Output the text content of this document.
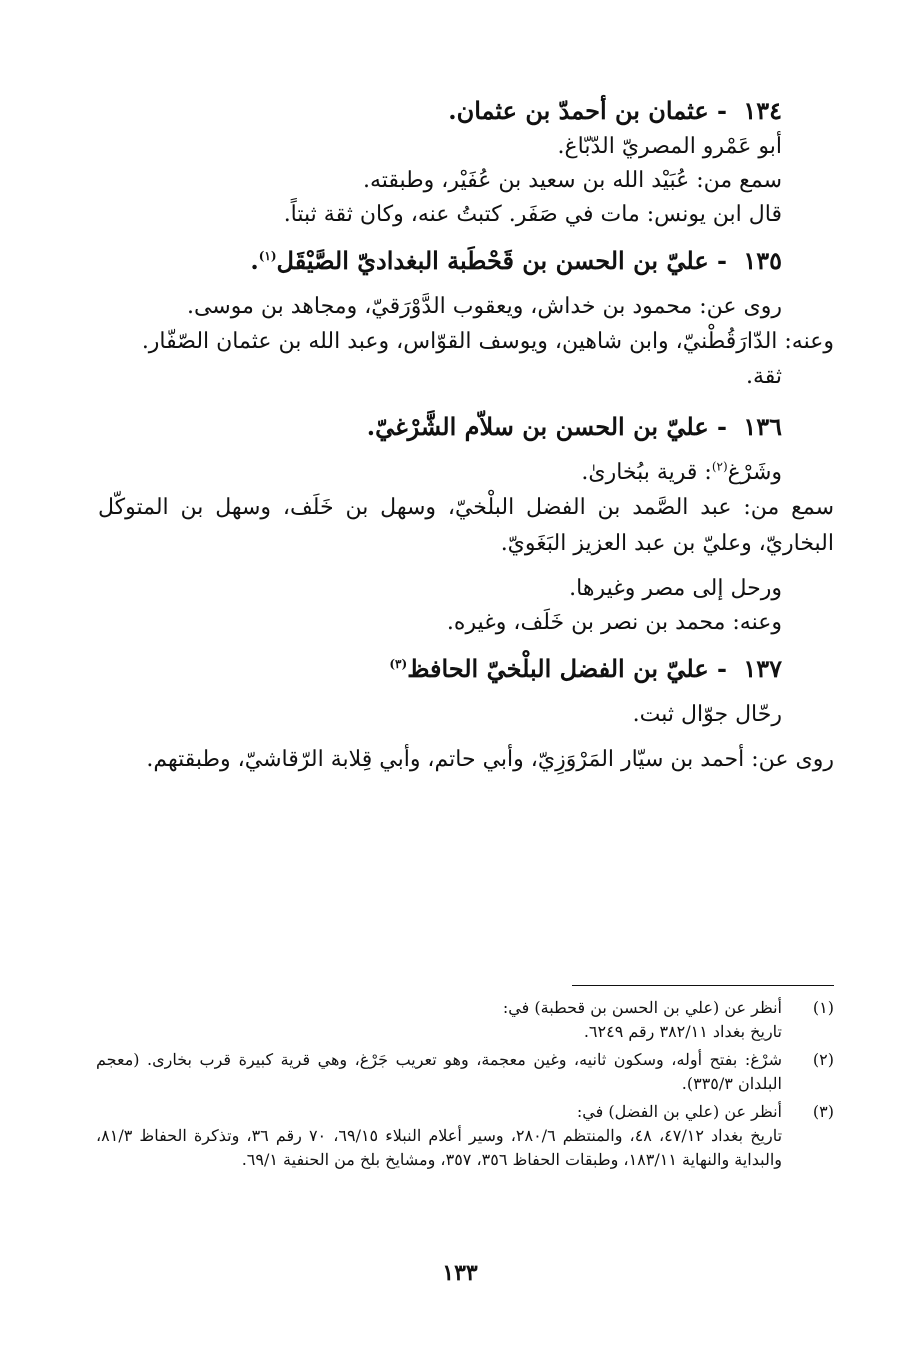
١٣٤ - عثمان بن أحمدّ بن عثمان.

أبو عَمْرو المصريّ الدّبّاغ.

سمع من: عُبَيْد الله بن سعيد بن عُفَيْر، وطبقته.

قال ابن يونس: مات في صَفَر. كتبتُ عنه، وكان ثقة ثبتاً.

١٣٥ - عليّ بن الحسن بن قَحْطَبة البغداديّ الصَّيْقَل$^{(١)}$.

روى عن: محمود بن خداش، ويعقوب الدَّوْرَقيّ، ومجاهد بن موسى.

وعنه: الدّارَقُطْنيّ، وابن شاهين، ويوسف القوّاس، وعبد الله بن عثمان الصّفّار.

ثقة.

١٣٦ - عليّ بن الحسن بن سلاّم الشَّرْغيّ.

وشَرْغ$^{(٢)}$: قرية ببُخارىٰ.

سمع من: عبد الصَّمد بن الفضل البلْخيّ، وسهل بن خَلَف، وسهل بن المتوكّل البخاريّ، وعليّ بن عبد العزيز البَغَويّ.

ورحل إلى مصر وغيرها.

وعنه: محمد بن نصر بن خَلَف، وغيره.

١٣٧ - عليّ بن الفضل البلْخيّ الحافظ$^{(٣)}$

رحّال جوّال ثبت.

روى عن: أحمد بن سيّار المَرْوَزِيّ، وأبي حاتم، وأبي قِلابة الرّقاشيّ، وطبقتهم.

(١)

أنظر عن (علي بن الحسن بن قحطبة) في:

تاريخ بغداد ٣٨٢/١١ رقم ٦٢٤٩.

(٢)

شرْغ: بفتح أوله، وسكون ثانيه، وغين معجمة، وهو تعريب جَرْغ، وهي قرية كبيرة قرب بخارى. (معجم البلدان ٣٣٥/٣).

(٣)

أنظر عن (علي بن الفضل) في:

تاريخ بغداد ٤٧/١٢، ٤٨، والمنتظم ٢٨٠/٦، وسير أعلام النبلاء ٦٩/١٥، ٧٠ رقم ٣٦، وتذكرة الحفاظ ٨١/٣، والبداية والنهاية ١٨٣/١١، وطبقات الحفاظ ٣٥٦، ٣٥٧، ومشايخ بلخ من الحنفية ٦٩/١.

١٣٣
